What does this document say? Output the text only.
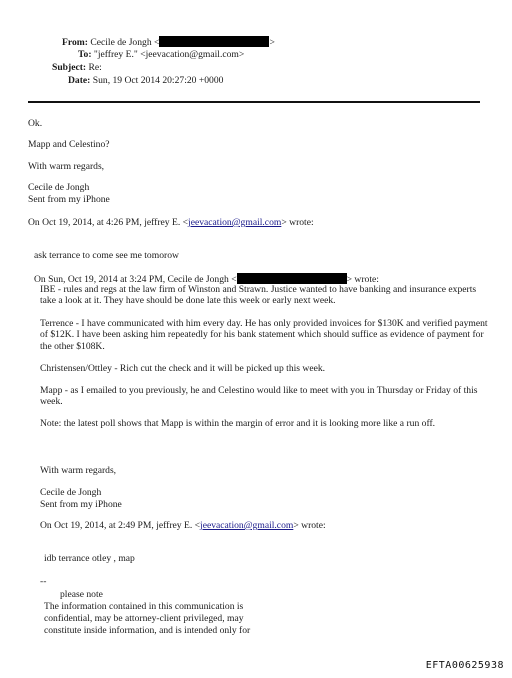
From: Cecile de Jongh <	>
To: "jeffrey E." <jeevacation@gmail.com>
Subject: Re:
Date: Sun, 19 Oct 2014 20:27:20 +0000
Ok.
Mapp and Celestino?
With warm regards,
Cecile de Jongh
Sent from my iPhone
On Oct 19, 2014, at 4:26 PM, jeffrey E. <jeevacation@gmail.com> wrote:
ask terrance to come see me tomorow
On Sun, Oct 19, 2014 at 3:24 PM, Cecile de Jongh <	> wrote:
IBE - rules and regs at the law firm of Winston and Strawn. Justice wanted to have banking and insurance experts take a look at it. They have should be done late this week or early next week.
Terrence - I have communicated with him every day. He has only provided invoices for $130K and verified payment of $12K. I have been asking him repeatedly for his bank statement which should suffice as evidence of payment for the other $108K.
Christensen/Ottley - Rich cut the check and it will be picked up this week.
Mapp - as I emailed to you previously, he and Celestino would like to meet with you in Thursday or Friday of this week.
Note: the latest poll shows that Mapp is within the margin of error and it is looking more like a run off.
With warm regards,
Cecile de Jongh
Sent from my iPhone
On Oct 19, 2014, at 2:49 PM, jeffrey E. <jeevacation@gmail.com> wrote:
idb terrance otley , map
--
please note
The information contained in this communication is
confidential, may be attorney-client privileged, may
constitute inside information, and is intended only for
EFTA00625938
